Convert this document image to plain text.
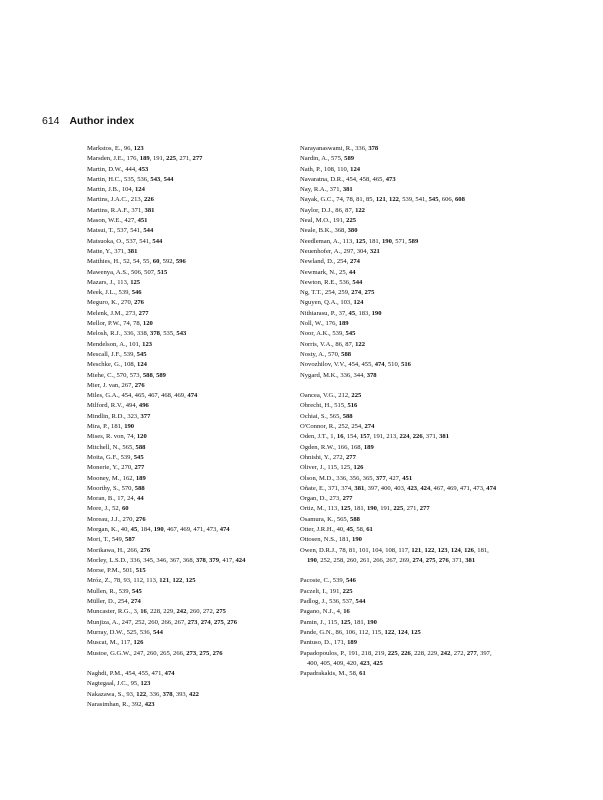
614 Author index
Markstos, E., 96, 123
Marsden, J.E., 176, 189, 191, 225, 271, 277
Martin, D.W., 444, 453
Martin, H.C., 535, 536, 543, 544
Martin, J.B., 104, 124
Martins, J.A.C., 213, 226
Martins, R.A.F., 371, 381
Mason, W.E., 427, 451
Matsui, T., 537, 541, 544
Matsuoka, O., 537, 541, 544
Matte, Y., 371, 381
Matthies, H., 52, 54, 55, 60, 592, 596
Mawenya, A.S., 506, 507, 515
Mazars, J., 113, 125
Meek, J.L., 539, 546
Meguro, K., 270, 276
Melenk, J.M., 273, 277
Mellor, P.W., 74, 78, 120
Melosh, R.J., 336, 338, 378, 535, 543
Mendelson, A., 101, 123
Mescall, J.F., 539, 545
Meschke, G., 108, 124
Miehe, C., 570, 573, 588, 589
Mier, J. van, 267, 276
Miles, G.A., 454, 465, 467, 468, 469, 474
Milford, R.V., 494, 496
Mindlin, R.D., 323, 377
Mira, P., 181, 190
Mises, R. von, 74, 120
Mitchell, N., 565, 588
Moita, G.F., 539, 545
Monerie, Y., 270, 277
Mooney, M., 162, 189
Moorthy, S., 570, 588
Moran, B., 17, 24, 44
More, J., 52, 60
Moreau, J.J., 270, 276
Morgan, K., 40, 45, 184, 190, 467, 469, 471, 473, 474
Mori, T., 549, 587
Morikawa, H., 266, 276
Morley, L.S.D., 336, 345, 346, 367, 368, 378, 379, 417, 424
Morse, P.M., 501, 515
Mróz, Z., 78, 93, 112, 113, 121, 122, 125
Mullen, R., 539, 545
Müller, D., 254, 274
Muncaster, R.G., 3, 16, 228, 229, 242, 260, 272, 275
Munjiza, A., 247, 252, 260, 266, 267, 273, 274, 275, 276
Murray, D.W., 525, 536, 544
Muscat, M., 117, 126
Mustoe, G.G.W., 247, 260, 265, 266, 273, 275, 276
Naghdi, P.M., 454, 455, 471, 474
Nagtegaal, J.C., 95, 123
Nakazawa, S., 93, 122, 336, 378, 393, 422
Narasimhan, R., 392, 423
Narayanaswami, R., 336, 378
Nardin, A., 575, 589
Nath, P., 108, 110, 124
Navaratna, D.R., 454, 458, 465, 473
Nay, R.A., 371, 381
Nayak, G.C., 74, 78, 81, 85, 121, 122, 539, 541, 545, 606, 608
Naylor, D.J., 86, 87, 122
Neal, M.O., 191, 225
Neale, B.K., 368, 380
Needleman, A., 113, 125, 181, 190, 571, 589
Neuenhofer, A., 297, 304, 321
Newland, D., 254, 274
Newmark, N., 25, 44
Newton, R.E., 536, 544
Ng, T.T., 254, 259, 274, 275
Nguyen, Q.A., 103, 124
Nithiarasu, P., 37, 45, 183, 190
Noll, W., 176, 189
Noor, A.K., 539, 545
Norris, V.A., 86, 87, 122
Nosty, A., 570, 588
Novozhilov, V.V., 454, 455, 474, 510, 516
Nygard, M.K., 336, 344, 378
Oancea, V.G., 212, 225
Obrecht, H., 515, 516
Ochiai, S., 565, 588
O'Connor, R., 252, 254, 274
Oden, J.T., 1, 16, 154, 157, 191, 213, 224, 226, 371, 381
Ogden, R.W., 166, 168, 189
Ohnishi, Y., 272, 277
Oliver, J., 115, 125, 126
Olson, M.D., 336, 356, 365, 377, 427, 451
Oñate, E., 371, 374, 381, 397, 400, 403, 423, 424, 467, 469, 471, 473, 474
Organ, D., 273, 277
Ortiz, M., 113, 125, 181, 190, 191, 225, 271, 277
Osamura, K., 565, 588
Otter, J.R.H., 40, 45, 58, 61
Ottosen, N.S., 181, 190
Owen, D.R.J., 78, 81, 101, 104, 108, 117, 121, 122, 123, 124, 126, 181, 190, 252, 258, 260, 261, 266, 267, 269, 274, 275, 276, 371, 381
Pacoste, C., 539, 546
Paczelt, I., 191, 225
Padlog, J., 536, 537, 544
Pagano, N.J., 4, 16
Pamin, J., 115, 125, 181, 190
Pande, G.N., 86, 106, 112, 115, 122, 124, 125
Pantuso, D., 171, 189
Papadopoulos, P., 191, 218, 219, 225, 226, 228, 229, 242, 272, 277, 397, 400, 405, 409, 420, 423, 425
Papadrakakis, M., 58, 61
